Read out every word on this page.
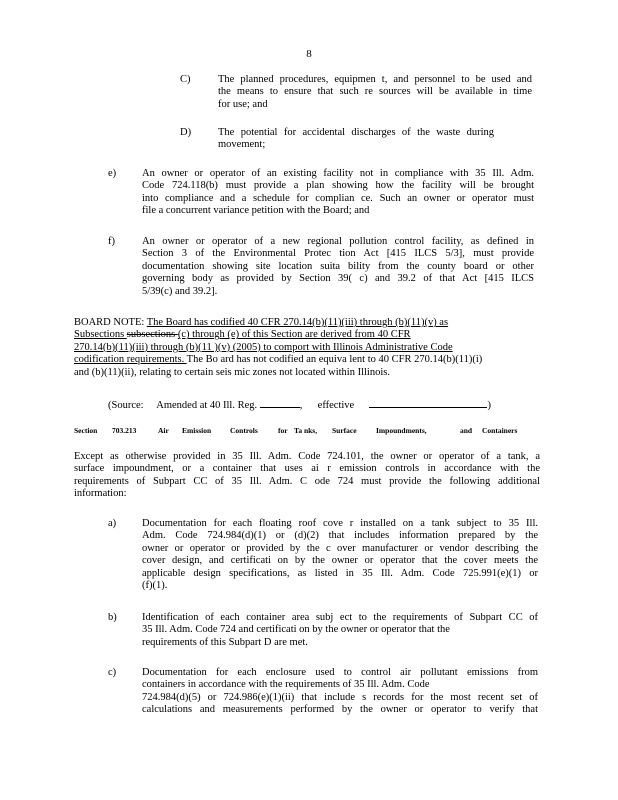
8
C)	The planned procedures, equipmen t, and personnel to be used and
the means to ensure that such re sources will be available in time
for use; and
D)	The potential for accidental discharges of the waste during
movement;
e) An owner or operator of an existing facility not in compliance with 35 Ill. Adm.
Code 724.118(b) must provide a plan showing how the facility will be brought
into compliance and a schedule for complian ce. Such an owner or operator must
file a concurrent variance petition with the Board; and
f)	An owner or operator of a new regional pollution control facility, as defined in
Section 3 of the Environmental Protec tion Act [415 ILCS 5/3], must provide
documentation showing site location suita bility from the county board or other
governing body as provided by Section 39( c) and 39.2 of that Act [415 ILCS
5/39(c) and 39.2].
BOARD NOTE: The Board has codified 40 CFR 270.14(b)(11)(iii) through (b)(11)(v) as
Subsections subsections (c) through (e) of this Section are derived from 40 CFR
270.14(b)(11)(iii) through (b)(11 )(v) (2005) to comport with Illinois Administrative Code
codification requirements. The Bo ard has not codified an equiva lent to 40 CFR 270.14(b)(11)(i)
and (b)(11)(ii), relating to certain seis mic zones not located within Illinois.
(Source: Amended at 40 Ill. Reg.	, effective	)
Section 703.213	Air Emission	Controls	for Ta nks, Surface	Impoundments,	and Containers
Except as otherwise provided in 35 Ill. Adm. Code 724.101, the owner or operator of a tank, a
surface impoundment, or a container that uses ai r emission controls in accordance with the
requirements of Subpart CC of 35 Ill. Adm. C ode 724 must provide the following additional
information:
a) Documentation for each floating roof cove r installed on a tank subject to 35 Ill.
Adm. Code 724.984(d)(1) or (d)(2) that includes information prepared by the
owner or operator or provided by the c over manufacturer or vendor describing the
cover design, and certificati on by the owner or operator that the cover meets the
applicable design specifications, as listed in 35 Ill. Adm. Code 725.991(e)(1) or
(f)(1).
b) Identification of each container area subj ect to the requirements of Subpart CC of
35 Ill. Adm. Code 724 and certificati on by the owner or operator that the
requirements of this Subpart D are met.
c) Documentation for each enclosure used to control air pollutant emissions from
containers in accordance with the requirements of 35 Ill. Adm. Code
724.984(d)(5) or 724.986(e)(1)(ii) that include s records for the most recent set of
calculations and measurements performed by the owner or operator to verify that
